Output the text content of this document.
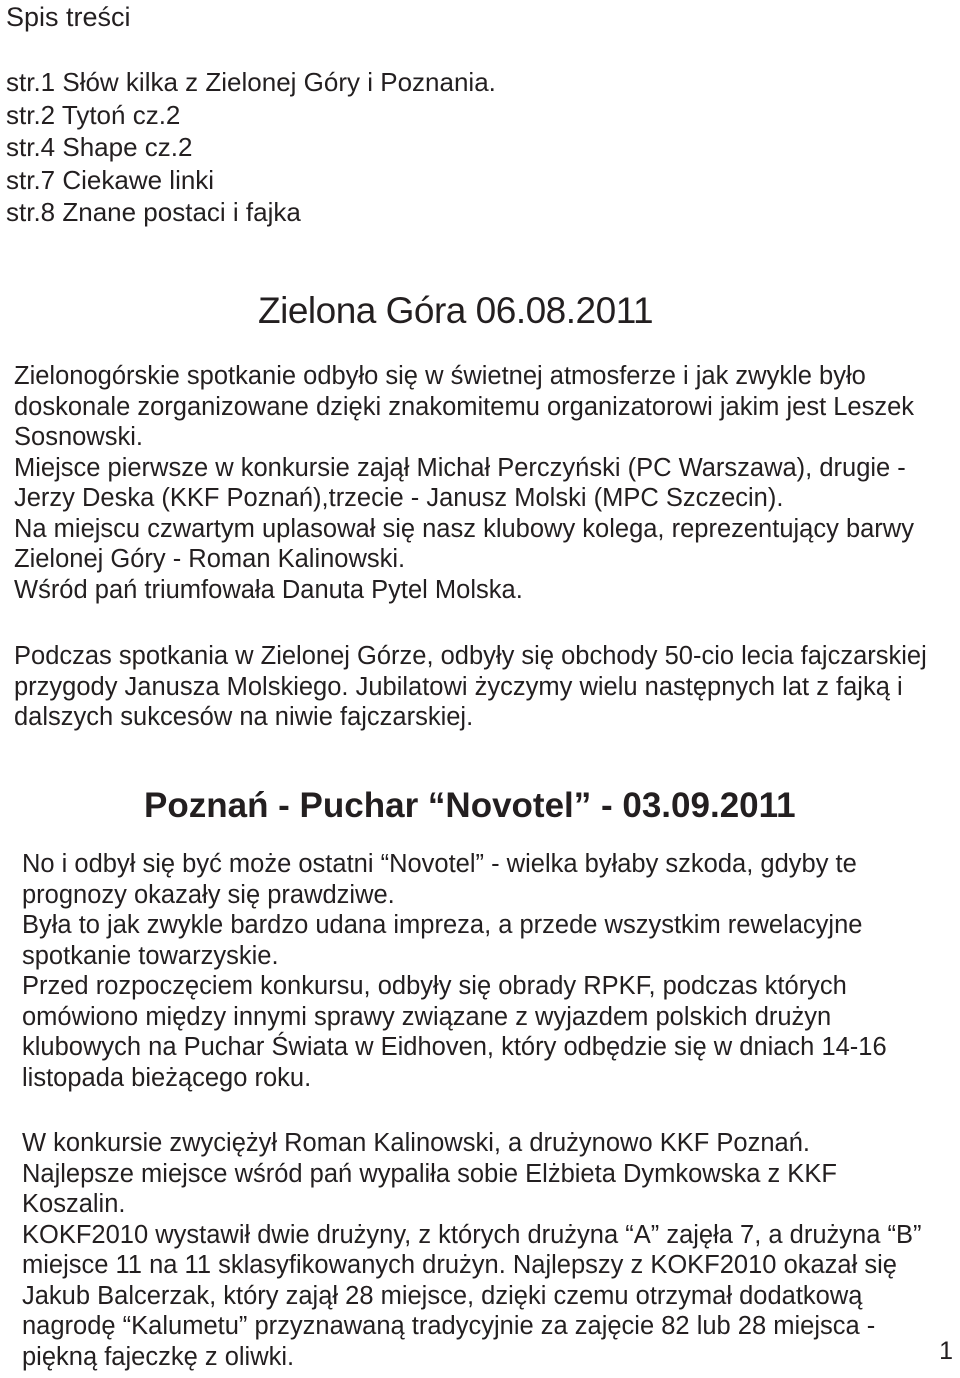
Spis treści
str.1 Słów kilka z Zielonej Góry i Poznania.
str.2 Tytoń cz.2
str.4 Shape cz.2
str.7 Ciekawe linki
str.8 Znane postaci i fajka
Zielona Góra 06.08.2011

Zielonogórskie spotkanie odbyło się w świetnej atmosferze i jak zwykle było doskonale zorganizowane dzięki znakomitemu organizatorowi jakim jest Leszek Sosnowski.

Miejsce pierwsze w konkursie zajął Michał Perczyński (PC Warszawa), drugie - Jerzy Deska (KKF Poznań),trzecie - Janusz Molski (MPC Szczecin).

Na miejscu czwartym uplasował się nasz klubowy kolega, reprezentujący barwy Zielonej Góry - Roman Kalinowski.

Wśród pań triumfowała Danuta Pytel Molska.

Podczas spotkania w Zielonej Górze, odbyły się obchody 50-cio lecia fajczarskiej przygody Janusza Molskiego. Jubilatowi życzymy wielu następnych lat z fajką i dalszych sukcesów na niwie fajczarskiej.

Poznań - Puchar “Novotel” - 03.09.2011

No i odbył się być może ostatni “Novotel” - wielka byłaby szkoda, gdyby te prognozy okazały się prawdziwe.

Była to jak zwykle bardzo udana impreza, a przede wszystkim rewelacyjne spotkanie towarzyskie.

Przed rozpoczęciem konkursu, odbyły się obrady RPKF, podczas których omówiono między innymi sprawy związane z wyjazdem polskich drużyn klubowych na Puchar Świata w Eidhoven, który odbędzie się w dniach 14-16 listopada bieżącego roku.

W konkursie zwyciężył Roman Kalinowski, a drużynowo KKF Poznań.

Najlepsze miejsce wśród pań wypaliła sobie Elżbieta Dymkowska z KKF Koszalin.

KOKF2010 wystawił dwie drużyny, z których drużyna “A” zajęła 7, a drużyna “B” miejsce 11 na 11 sklasyfikowanych drużyn. Najlepszy z KOKF2010 okazał się Jakub Balcerzak, który zajął 28 miejsce, dzięki czemu otrzymał dodatkową nagrodę “Kalumetu” przyznawaną tradycyjnie za zajęcie 82 lub 28 miejsca - piękną fajeczkę z oliwki.	1
